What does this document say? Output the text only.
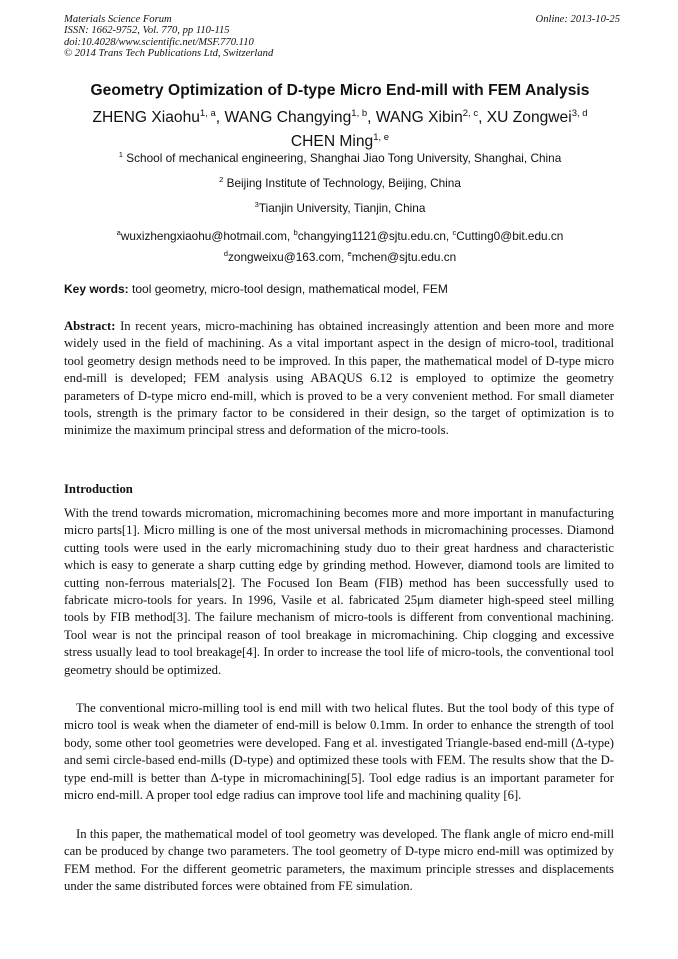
Materials Science Forum
ISSN: 1662-9752, Vol. 770, pp 110-115
doi:10.4028/www.scientific.net/MSF.770.110
© 2014 Trans Tech Publications Ltd, Switzerland
Online: 2013-10-25
Geometry Optimization of D-type Micro End-mill with FEM Analysis
ZHENG Xiaohu$^{1, a}$, WANG Changying$^{1, b}$, WANG Xibin$^{2, c}$, XU Zongwei$^{3, d}$
CHEN Ming$^{1, e}$
$^1$ School of mechanical engineering, Shanghai Jiao Tong University, Shanghai, China
$^2$ Beijing Institute of Technology, Beijing, China
$^3$Tianjin University, Tianjin, China
$^a$wuxizhengxiaohu@hotmail.com, $^b$changying1121@sjtu.edu.cn, $^c$Cutting0@bit.edu.cn
$^d$zongweixu@163.com, $^e$mchen@sjtu.edu.cn
Key words: tool geometry, micro-tool design, mathematical model, FEM
Abstract: In recent years, micro-machining has obtained increasingly attention and been more and more widely used in the field of machining. As a vital important aspect in the design of micro-tool, traditional tool geometry design methods need to be improved. In this paper, the mathematical model of D-type micro end-mill is developed; FEM analysis using ABAQUS 6.12 is employed to optimize the geometry parameters of D-type micro end-mill, which is proved to be a very convenient method. For small diameter tools, strength is the primary factor to be considered in their design, so the target of optimization is to minimize the maximum principal stress and deformation of the micro-tools.
Introduction
With the trend towards micromation, micromachining becomes more and more important in manufacturing micro parts[1]. Micro milling is one of the most universal methods in micromachining processes. Diamond cutting tools were used in the early micromachining study duo to their great hardness and characteristic which is easy to generate a sharp cutting edge by grinding method. However, diamond tools are limited to cutting non-ferrous materials[2]. The Focused Ion Beam (FIB) method has been successfully used to fabricate micro-tools for years. In 1996, Vasile et al. fabricated 25μm diameter high-speed steel milling tools by FIB method[3]. The failure mechanism of micro-tools is different from conventional machining. Tool wear is not the principal reason of tool breakage in micromachining. Chip clogging and excessive stress usually lead to tool breakage[4]. In order to increase the tool life of micro-tools, the conventional tool geometry should be optimized.
The conventional micro-milling tool is end mill with two helical flutes. But the tool body of this type of micro tool is weak when the diameter of end-mill is below 0.1mm. In order to enhance the strength of tool body, some other tool geometries were developed. Fang et al. investigated Triangle-based end-mill (Δ-type) and semi circle-based end-mills (D-type) and optimized these tools with FEM. The results show that the D-type end-mill is better than Δ-type in micromachining[5]. Tool edge radius is an important parameter for micro end-mill. A proper tool edge radius can improve tool life and machining quality [6].
In this paper, the mathematical model of tool geometry was developed. The flank angle of micro end-mill can be produced by change two parameters. The tool geometry of D-type micro end-mill was optimized by FEM method. For the different geometric parameters, the maximum principle stresses and displacements under the same distributed forces were obtained from FE simulation.
